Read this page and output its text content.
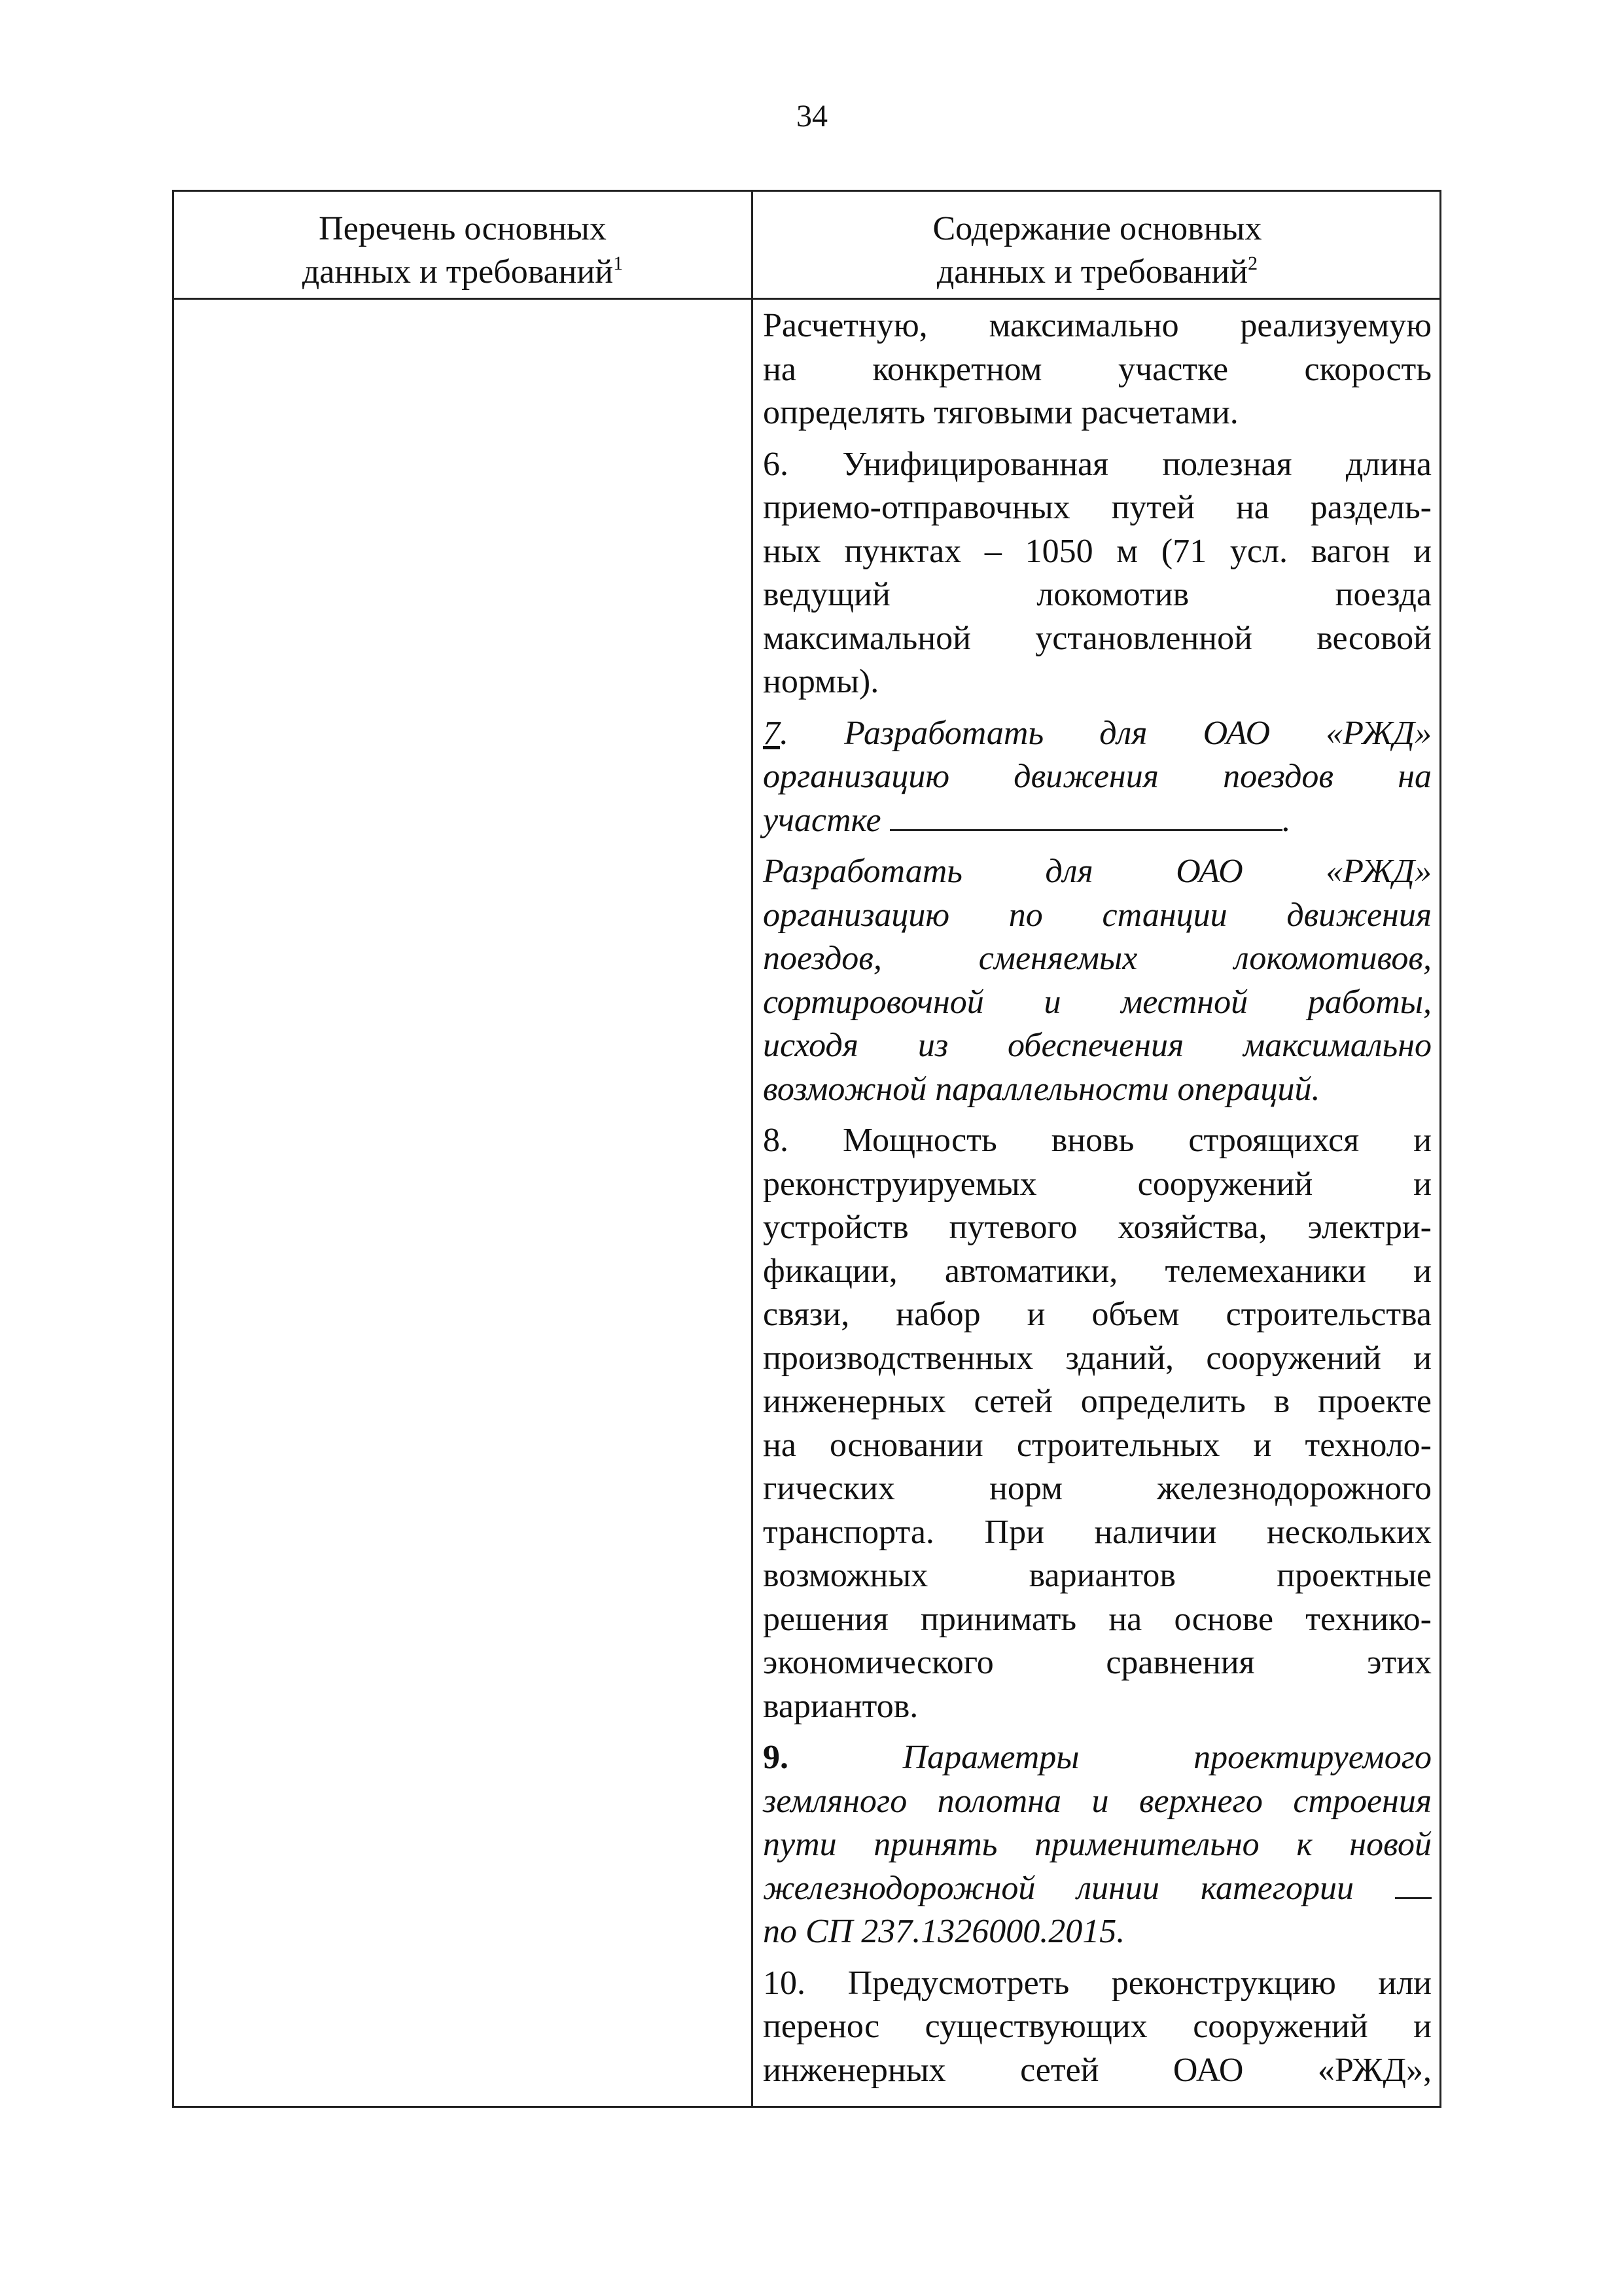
34
Перечень основных
данных и требований$^1$
Содержание основных
данных и требований$^2$
Расчетную, максимально реализуемую
на конкретном участке скорость
определять тяговыми расчетами.
6. Унифицированная полезная длина
приемо-отправочных путей на раздель-
ных пунктах – 1050 м (71 усл. вагон и
ведущий локомотив поезда
максимальной установленной весовой
нормы).
7. Разработать для ОАО «РЖД»
организацию движения поездов на
участке	.
Разработать для ОАО «РЖД»
организацию по станции движения
поездов, сменяемых локомотивов,
сортировочной и местной работы,
исходя из обеспечения максимально
возможной параллельности операций.
8. Мощность вновь строящихся и
реконструируемых сооружений и
устройств путевого хозяйства, электри-
фикации, автоматики, телемеханики и
связи, набор и объем строительства
производственных зданий, сооружений и
инженерных сетей определить в проекте
на основании строительных и техноло-
гических норм железнодорожного
транспорта. При наличии нескольких
возможных вариантов проектные
решения принимать на основе технико-
экономического сравнения этих
вариантов.
9.	Параметры проектируемого
земляного полотна и верхнего строения
пути принять применительно к новой
железнодорожной линии категории
по СП 237.1326000.2015.
10. Предусмотреть реконструкцию или
перенос существующих сооружений и
инженерных сетей ОАО «РЖД»,
